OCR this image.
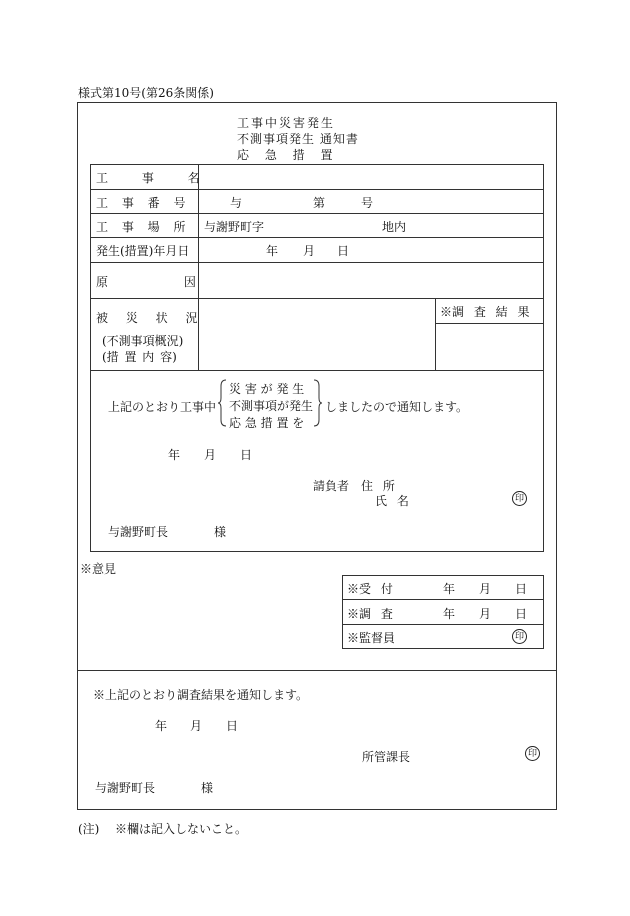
様式第10号(第26条関係)
工事中災害発生
不測事項発生 通知書
応 急 措 置
工 事 名
工 事 番 号	与	第	号
工 事 場 所 与謝野町字	地内
発生(措置)年月日	年 月 日
原 因
被 災 状 況
(不測事項概況)
(措 置 内 容)
※調 査 結 果
上記のとおり工事中
災 害 が 発 生
不測事項が発生
応 急 措 置 を
しましたので通知します。
年 月 日
請負者 住 所
氏 名	印
与謝野町長	様
※意見
※受 付	年 月 日
※調 査	年 月 日
※監督員	印
※上記のとおり調査結果を通知します。
年 月 日
所管課長	印
与謝野町長	様
(注) ※欄は記入しないこと。
